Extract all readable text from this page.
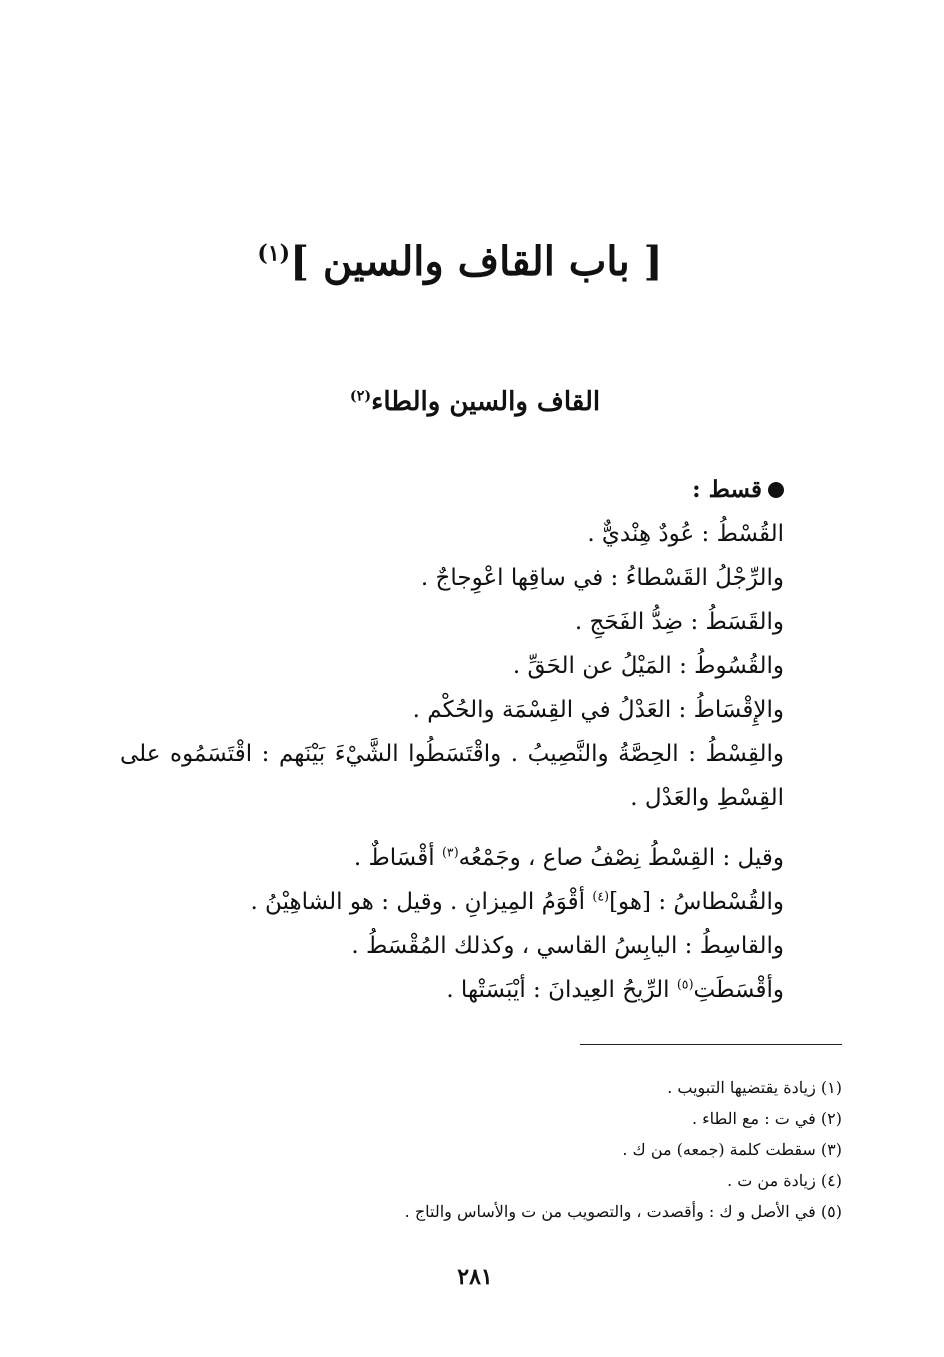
[ باب القاف والسين ]$^{(١)}$
القاف والسين والطاء$^{(٢)}$
قسط :
القُسْطُ : عُودٌ هِنْديٌّ .
والرِّجْلُ القَسْطاءُ : في ساقِها اعْوِجاجٌ .
والقَسَطُ : ضِدُّ الفَحَجِ .
والقُسُوطُ : المَيْلُ عن الحَقِّ .
والإِقْسَاطُ : العَدْلُ في القِسْمَة والحُكْم .
والقِسْطُ : الحِصَّةُ والنَّصِيبُ . واقْتَسَطُوا الشَّيْءَ بَيْنَهم : اقْتَسَمُوه على القِسْطِ والعَدْل .
وقيل : القِسْطُ نِصْفُ صاع ، وجَمْعُه$^{(٣)}$ أقْسَاطٌ .
والقُسْطاسُ : [هو]$^{(٤)}$ أقْوَمُ المِيزانِ . وقيل : هو الشاهِيْنُ .
والقاسِطُ : اليابِسُ القاسي ، وكذلك المُقْسَطُ .
وأقْسَطَتِ$^{(٥)}$ الرِّيحُ العِيدانَ : أيْبَسَتْها .
(١) زيادة يقتضيها التبويب .
(٢) في ت : مع الطاء .
(٣) سقطت كلمة (جمعه) من ك .
(٤) زيادة من ت .
(٥) في الأصل و ك : وأقصدت ، والتصويب من ت والأساس والتاج .
٢٨١
